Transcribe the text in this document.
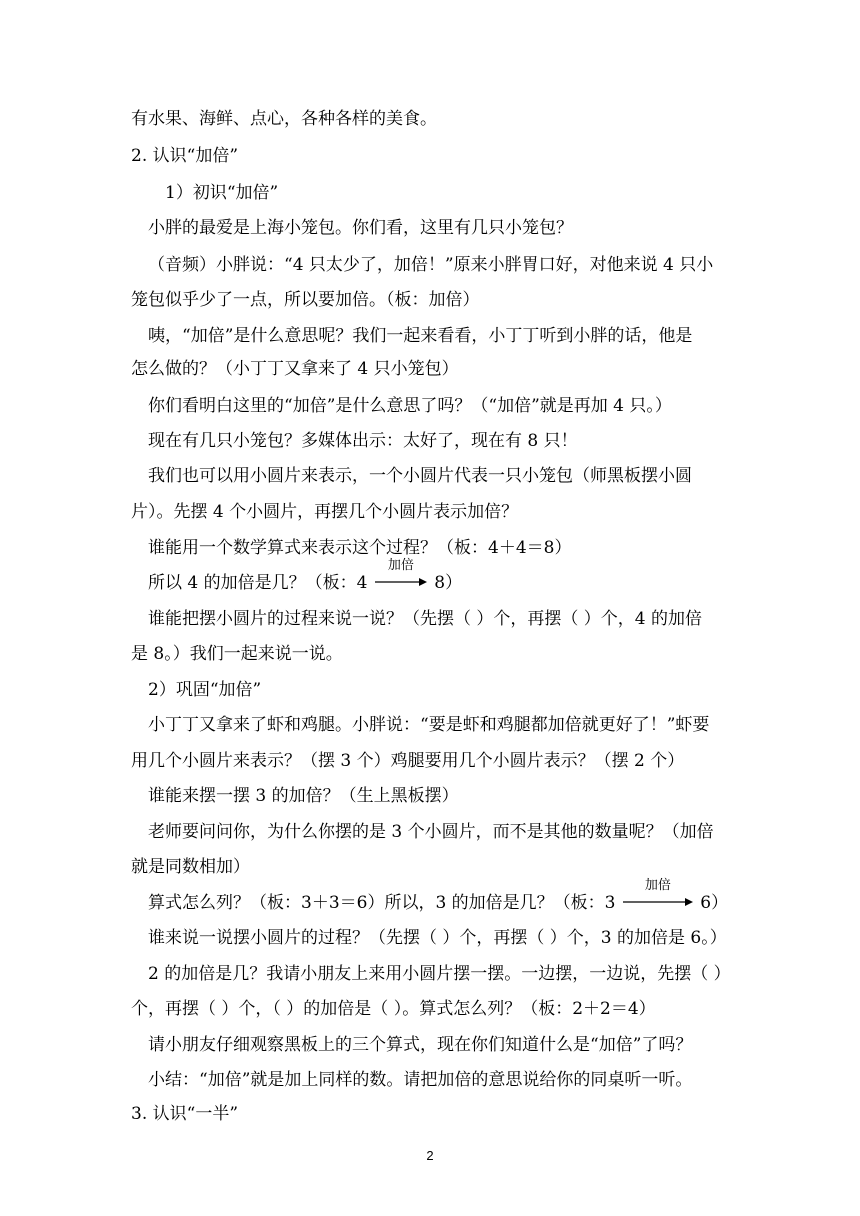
有水果、海鲜、点心，各种各样的美食。
2. 认识“加倍”
1）初识“加倍”
小胖的最爱是上海小笼包。你们看，这里有几只小笼包？
（音频）小胖说：“4 只太少了，加倍！”原来小胖胃口好，对他来说 4 只小
笼包似乎少了一点，所以要加倍。（板：加倍）
咦，“加倍”是什么意思呢？我们一起来看看，小丁丁听到小胖的话，他是
怎么做的？（小丁丁又拿来了 4 只小笼包）
你们看明白这里的“加倍”是什么意思了吗？（“加倍”就是再加 4 只。）
现在有几只小笼包？多媒体出示：太好了，现在有 8 只！
我们也可以用小圆片来表示，一个小圆片代表一只小笼包（师黑板摆小圆
片）。先摆 4 个小圆片，再摆几个小圆片表示加倍？
谁能用一个数学算式来表示这个过程？（板：4＋4＝8）
所以 4 的加倍是几？（板：4
加倍
8）
谁能把摆小圆片的过程来说一说？（先摆（ ）个，再摆（ ）个，4 的加倍
是 8。）我们一起来说一说。
2）巩固“加倍”
小丁丁又拿来了虾和鸡腿。小胖说：“要是虾和鸡腿都加倍就更好了！”虾要
用几个小圆片来表示？（摆 3 个）鸡腿要用几个小圆片表示？（摆 2 个）
谁能来摆一摆 3 的加倍？（生上黑板摆）
老师要问问你，为什么你摆的是 3 个小圆片，而不是其他的数量呢？（加倍
就是同数相加）
算式怎么列？（板：3＋3＝6）所以，3 的加倍是几？（板：3
加倍
6）
谁来说一说摆小圆片的过程？（先摆（ ）个，再摆（ ）个，3 的加倍是 6。）
2 的加倍是几？我请小朋友上来用小圆片摆一摆。一边摆，一边说，先摆（ ）
个，再摆（ ）个，（ ）的加倍是（ ）。算式怎么列？（板：2＋2＝4）
请小朋友仔细观察黑板上的三个算式，现在你们知道什么是“加倍”了吗？
小结：“加倍”就是加上同样的数。请把加倍的意思说给你的同桌听一听。
3. 认识“一半”
2
